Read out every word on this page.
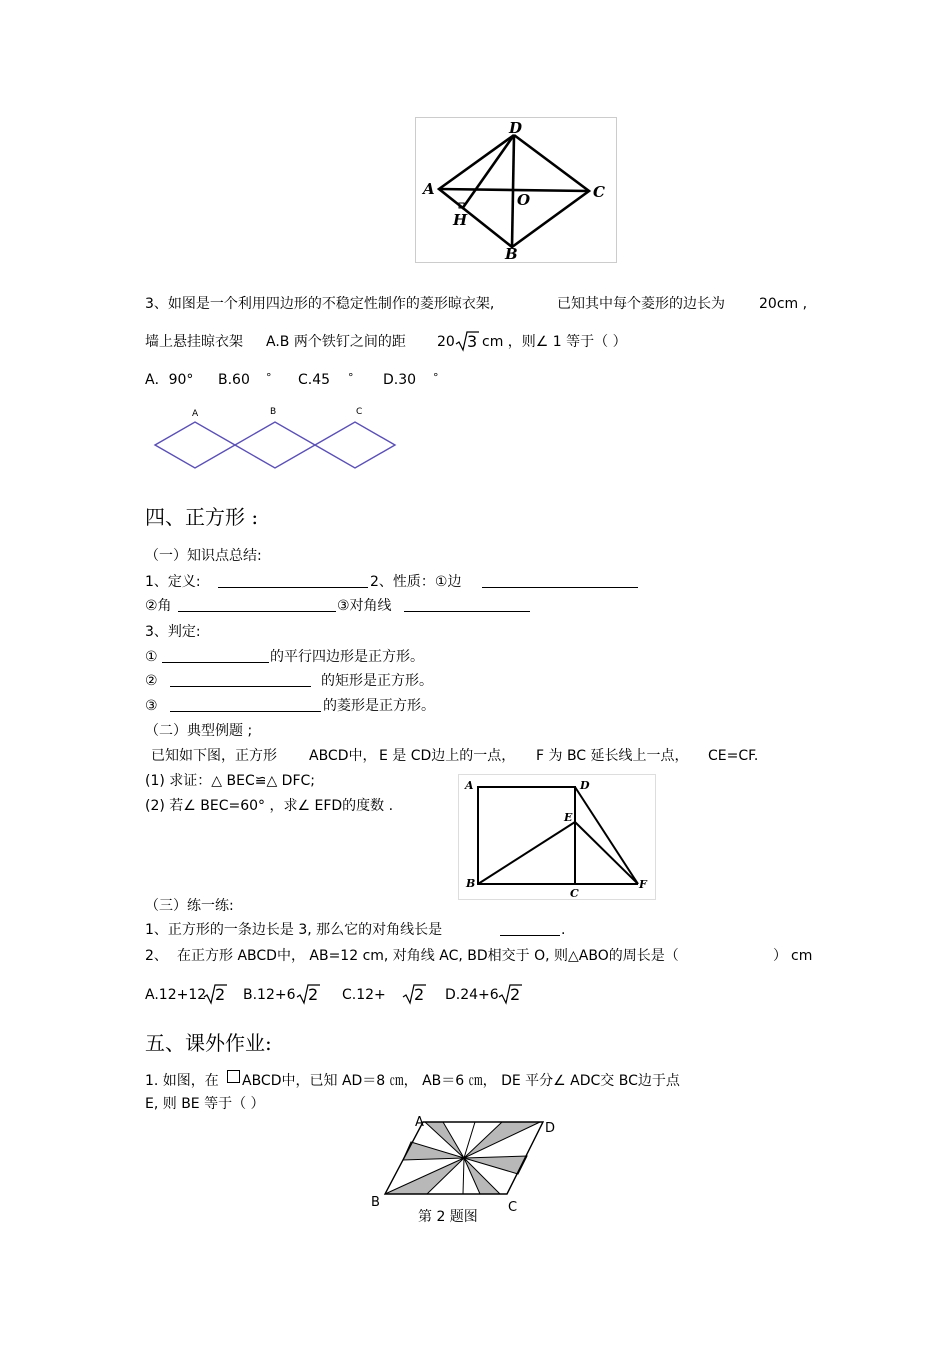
D
A	C
O
H
B
3、如图是一个利用四边形的不稳定性制作的菱形晾衣架,	已知其中每个菱形的边长为 20cm ,
墙上悬挂晾衣架 A.B 两个铁钉之间的距 20 3 cm ，则∠ 1 等于（ ）
A．90° B.60 ° C.45 ° D.30 °
A	B	C
四、正方形 :
（一）知识点总结:
1、定义:	2、性质：①边
②角	③对角线
3、判定:
①	的平行四边形是正方形。
②	的矩形是正方形。
③	的菱形是正方形。
（二）典型例题 ;
已知如下图，正方形 ABCD中， E 是 CD边上的一点， F 为 BC 延长线上一点， CE=CF.
(1) 求证：△ BEC≌△ DFC;
(2) 若∠ BEC=60° ，求∠ EFD的度数 .
A	D
E
B
C
F
（三）练一练:
1、正方形的一条边长是 3, 那么它的对角线长是	.
2、 在正方形 ABCD中， AB=12 cm, 对角线 AC, BD相交于 O, 则△ABO的周长是（	） cm
A.12+12 2 B.12+6 2 C.12+ 2 D.24+6 2
五、课外作业:
1. 如图，在 ABCD中，已知 AD＝8 ㎝， AB＝6 ㎝， DE 平分∠ ADC交 BC边于点
E, 则 BE 等于（ ）
A	D
B	C
第 2 题图
